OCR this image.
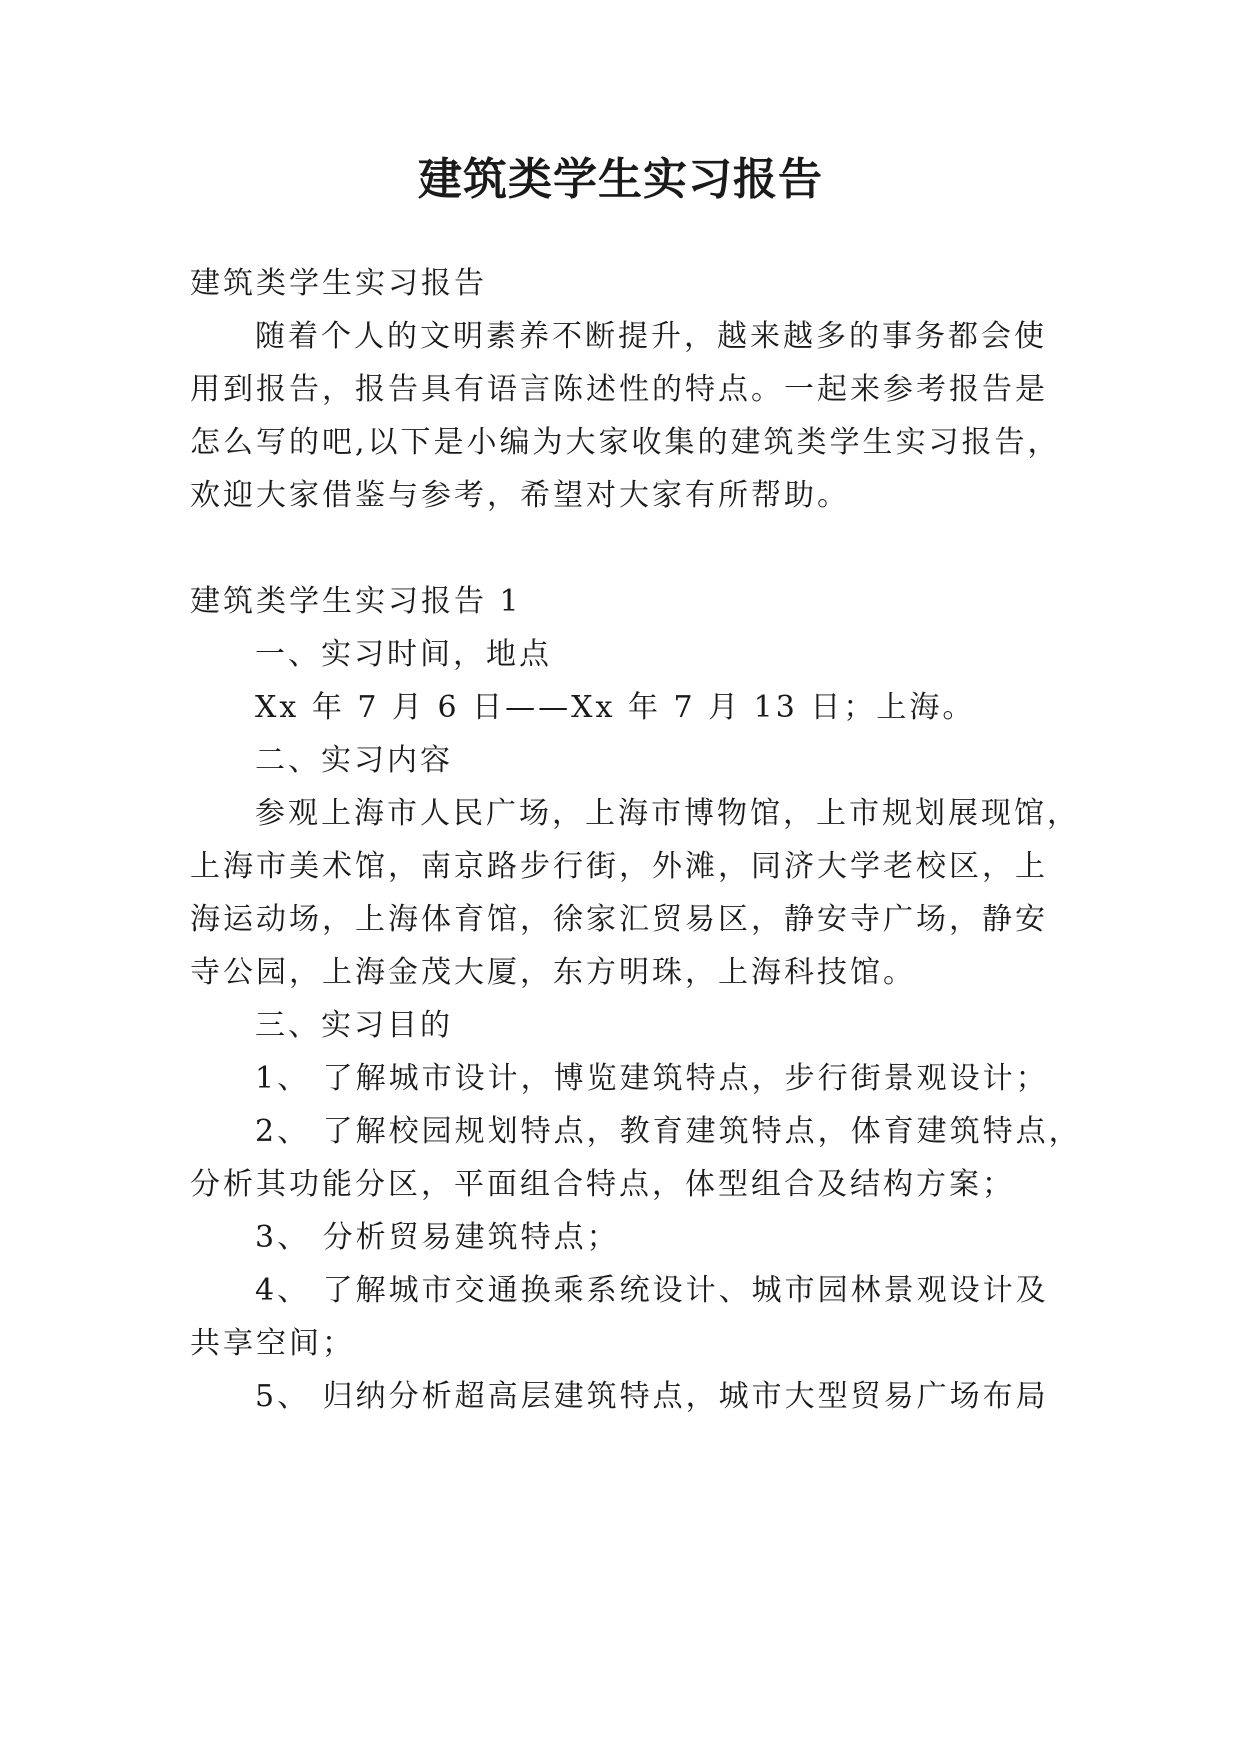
建筑类学生实习报告
建筑类学生实习报告
随着个人的文明素养不断提升，越来越多的事务都会使
用到报告，报告具有语言陈述性的特点。一起来参考报告是
怎么写的吧,以下是小编为大家收集的建筑类学生实习报告，
欢迎大家借鉴与参考，希望对大家有所帮助。
建筑类学生实习报告 1
一、实习时间，地点
Xx 年 7 月 6 日——Xx 年 7 月 13 日；上海。
二、实习内容
参观上海市人民广场，上海市博物馆，上市规划展现馆，
上海市美术馆，南京路步行街，外滩，同济大学老校区，上
海运动场，上海体育馆，徐家汇贸易区，静安寺广场，静安
寺公园，上海金茂大厦，东方明珠，上海科技馆。
三、实习目的
1、 了解城市设计，博览建筑特点，步行街景观设计；
2、 了解校园规划特点，教育建筑特点，体育建筑特点，
分析其功能分区，平面组合特点，体型组合及结构方案；
3、 分析贸易建筑特点；
4、 了解城市交通换乘系统设计、城市园林景观设计及
共享空间；
5、 归纳分析超高层建筑特点，城市大型贸易广场布局
